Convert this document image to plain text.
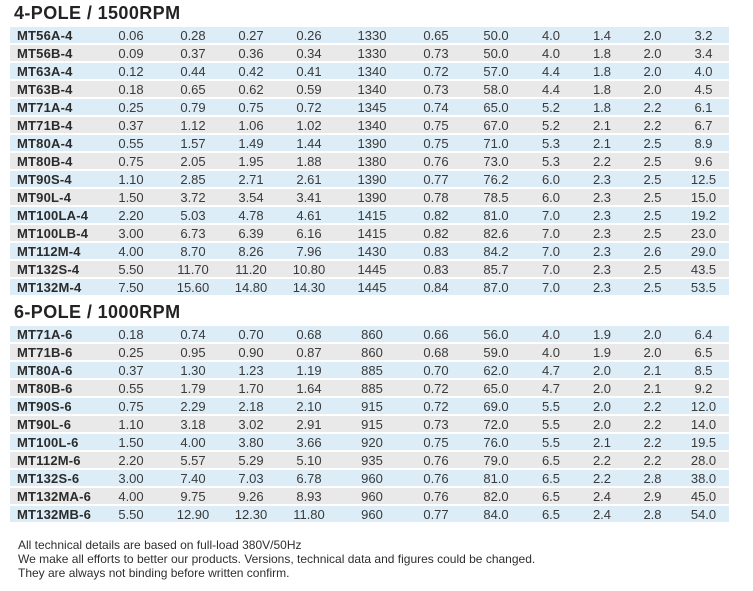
4-POLE / 1500RPM
MT56A-4	0.06	0.28	0.27	0.26	1330	0.65	50.0	4.0	1.4	2.0	3.2
MT56B-4	0.09	0.37	0.36	0.34	1330	0.73	50.0	4.0	1.8	2.0	3.4
MT63A-4	0.12	0.44	0.42	0.41	1340	0.72	57.0	4.4	1.8	2.0	4.0
MT63B-4	0.18	0.65	0.62	0.59	1340	0.73	58.0	4.4	1.8	2.0	4.5
MT71A-4	0.25	0.79	0.75	0.72	1345	0.74	65.0	5.2	1.8	2.2	6.1
MT71B-4	0.37	1.12	1.06	1.02	1340	0.75	67.0	5.2	2.1	2.2	6.7
MT80A-4	0.55	1.57	1.49	1.44	1390	0.75	71.0	5.3	2.1	2.5	8.9
MT80B-4	0.75	2.05	1.95	1.88	1380	0.76	73.0	5.3	2.2	2.5	9.6
MT90S-4	1.10	2.85	2.71	2.61	1390	0.77	76.2	6.0	2.3	2.5	12.5
MT90L-4	1.50	3.72	3.54	3.41	1390	0.78	78.5	6.0	2.3	2.5	15.0
MT100LA-4	2.20	5.03	4.78	4.61	1415	0.82	81.0	7.0	2.3	2.5	19.2
MT100LB-4	3.00	6.73	6.39	6.16	1415	0.82	82.6	7.0	2.3	2.5	23.0
MT112M-4	4.00	8.70	8.26	7.96	1430	0.83	84.2	7.0	2.3	2.6	29.0
MT132S-4	5.50	11.70	11.20	10.80	1445	0.83	85.7	7.0	2.3	2.5	43.5
MT132M-4	7.50	15.60	14.80	14.30	1445	0.84	87.0	7.0	2.3	2.5	53.5
6-POLE / 1000RPM
MT71A-6	0.18	0.74	0.70	0.68	860	0.66	56.0	4.0	1.9	2.0	6.4
MT71B-6	0.25	0.95	0.90	0.87	860	0.68	59.0	4.0	1.9	2.0	6.5
MT80A-6	0.37	1.30	1.23	1.19	885	0.70	62.0	4.7	2.0	2.1	8.5
MT80B-6	0.55	1.79	1.70	1.64	885	0.72	65.0	4.7	2.0	2.1	9.2
MT90S-6	0.75	2.29	2.18	2.10	915	0.72	69.0	5.5	2.0	2.2	12.0
MT90L-6	1.10	3.18	3.02	2.91	915	0.73	72.0	5.5	2.0	2.2	14.0
MT100L-6	1.50	4.00	3.80	3.66	920	0.75	76.0	5.5	2.1	2.2	19.5
MT112M-6	2.20	5.57	5.29	5.10	935	0.76	79.0	6.5	2.2	2.2	28.0
MT132S-6	3.00	7.40	7.03	6.78	960	0.76	81.0	6.5	2.2	2.8	38.0
MT132MA-6	4.00	9.75	9.26	8.93	960	0.76	82.0	6.5	2.4	2.9	45.0
MT132MB-6	5.50	12.90	12.30	11.80	960	0.77	84.0	6.5	2.4	2.8	54.0
All technical details are based on full-load 380V/50Hz
We make all efforts to better our products. Versions, technical data and figures could be changed.
They are always not binding before written confirm.
